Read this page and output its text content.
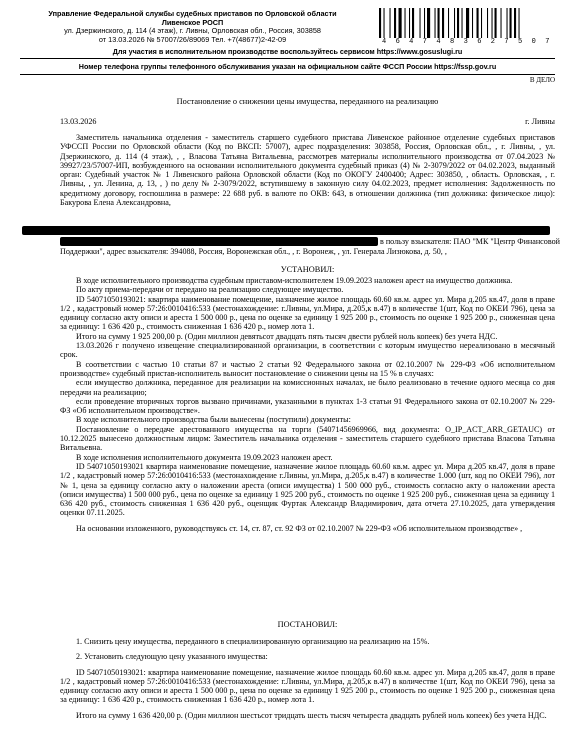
Управление Федеральной службы судебных приставов по Орловской области
Ливенское РОСП
ул. Дзержинского, д. 114 (4 этаж), г. Ливны, Орловская обл., Россия, 303858
от 13.03.2026 № 57007/26/89069 Тел. +7(48677)2-42-09	4 6 4 7 4 8 3 6 2 7 5 0 7
Для участия в исполнительном производстве воспользуйтесь сервисом https://www.gosuslugi.ru
Номер телефона группы телефонного обслуживания указан на официальном сайте ФССП России https://fssp.gov.ru
В ДЕЛО
Постановление о снижении цены имущества, переданного на реализацию
13.03.2026	г. Ливны
Заместитель начальника отделения - заместитель старшего судебного пристава Ливенское районное отделение судебных приставов УФССП России по Орловской области (Код по ВКСП: 57007), адрес подразделения: 303858, Россия, Орловская обл., , г. Ливны, , ул. Дзержинского, д. 114 (4 этаж), , , Власова Татьяна Витальевна, рассмотрев материалы исполнительного производства от 07.04.2023 № 39927/23/57007-ИП, возбужденного на основании исполнительного документа судебный приказ (4) № 2-3079/2022 от 04.02.2023, выданный орган: Судебный участок № 1 Ливенского района Орловской области (Код по ОКОГУ 2400400; Адрес: 303850, , область. Орловская, , г. Ливны, , ул. Ленина, д. 13, , ) по делу № 2-3079/2022, вступившему в законную силу 04.02.2023, предмет исполнения: Задолженность по кредитному договору, госпошлина в размере: 22 688 руб. в валюте по ОКВ: 643, в отношении должника (тип должника: физическое лицо): Бакурова Елена Александровна,
в пользу взыскателя: ПАО "МК "Центр Финансовой
Поддержки", адрес взыскателя: 394088, Россия, Воронежская обл., , г. Воронеж, , ул. Генерала Лизюкова, д. 50, ,
УСТАНОВИЛ:

В ходе исполнительного производства судебным приставом-исполнителем 19.09.2023 наложен арест на имущество должника.

По акту приема-передачи от передано на реализацию следующее имущество.

ID 54071050193021: квартира наименование помещение, назначение жилое площадь 60.60 кв.м. адрес ул. Мира д.205 кв.47, доля в праве 1/2 , кадастровый номер 57:26:0010416:533 (местонахождение: г.Ливны, ул.Мира, д.205,к в.47) в количестве 1(шт, Код по ОКЕИ 796), цена за единицу согласно акту описи и ареста 1 500 000 р., цена по оценке за единицу 1 925 200 р., стоимость по оценке 1 925 200 р., сниженная цена за единицу: 1 636 420 р., стоимость сниженная 1 636 420 р., номер лота 1.

Итого на сумму 1 925 200,00 р. (Один миллион девятьсот двадцать пять тысяч двести рублей ноль копеек) без учета НДС.

13.03.2026 г получено извещение специализированной организации, в соответствии с которым имущество нереализовано в месячный срок.

В соответствии с частью 10 статьи 87 и частью 2 статьи 92 Федерального закона от 02.10.2007 № 229-ФЗ «Об исполнительном производстве» судебный пристав-исполнитель выносит постановление о снижении цены на 15 % в случаях:

если имущество должника, переданное для реализации на комиссионных началах, не было реализовано в течение одного месяца со дня передачи на реализацию;

если проведение вторичных торгов вызвано причинами, указанными в пунктах 1-3 статьи 91 Федерального закона от 02.10.2007 № 229-ФЗ «Об исполнительном производстве».

В ходе исполнительного производства были вынесены (поступили) документы:

Постановление о передаче арестованного имущества на торги (54071456969966, вид документа: O_IP_ACT_ARR_GETAUC) от 10.12.2025 вынесено должностным лицом: Заместитель начальника отделения - заместитель старшего судебного пристава Власова Татьяна Витальевна.

В ходе исполнения исполнительного документа 19.09.2023 наложен арест.

ID 54071050193021 квартира наименование помещение, назначение жилое площадь 60.60 кв.м. адрес ул. Мира д.205 кв.47, доля в праве 1/2 , кадастровый номер 57:26:0010416:533 (местонахождение г.Ливны, ул.Мира, д.205,к в.47) в количестве 1.000 (шт, код по ОКЕИ 796), лот № 1, цена за единицу согласно акту о наложении ареста (описи имущества) 1 500 000 руб., стоимость согласно акту о наложении ареста (описи имущества) 1 500 000 руб., цена по оценке за единицу 1 925 200 руб., стоимость по оценке 1 925 200 руб., сниженная цена за единицу 1 636 420 руб., стоимость сниженная 1 636 420 руб., оценщик Фуртак Александр Владимирович, дата отчета 27.10.2025, дата утверждения оценки 07.11.2025.

На основании изложенного, руководствуясь ст. 14, ст. 87, ст. 92 ФЗ от 02.10.2007 № 229-ФЗ «Об исполнительном производстве» ,

ПОСТАНОВИЛ:

1. Снизить цену имущества, переданного в специализированную организацию на реализацию на 15%.

2. Установить следующую цену указанного имущества:

ID 54071050193021: квартира наименование помещение, назначение жилое площадь 60.60 кв.м. адрес ул. Мира д.205 кв.47, доля в праве 1/2 , кадастровый номер 57:26:0010416:533 (местонахождение: г.Ливны, ул.Мира, д.205,к в.47) в количестве 1(шт, Код по ОКЕИ 796), цена за единицу согласно акту описи и ареста 1 500 000 р., цена по оценке за единицу 1 925 200 р., стоимость по оценке 1 925 200 р., сниженная цена за единицу: 1 636 420 р., стоимость сниженная 1 636 420 р., номер лота 1.

Итого на сумму 1 636 420,00 р. (Один миллион шестьсот тридцать шесть тысяч четыреста двадцать рублей ноль копеек) без учета НДС.
